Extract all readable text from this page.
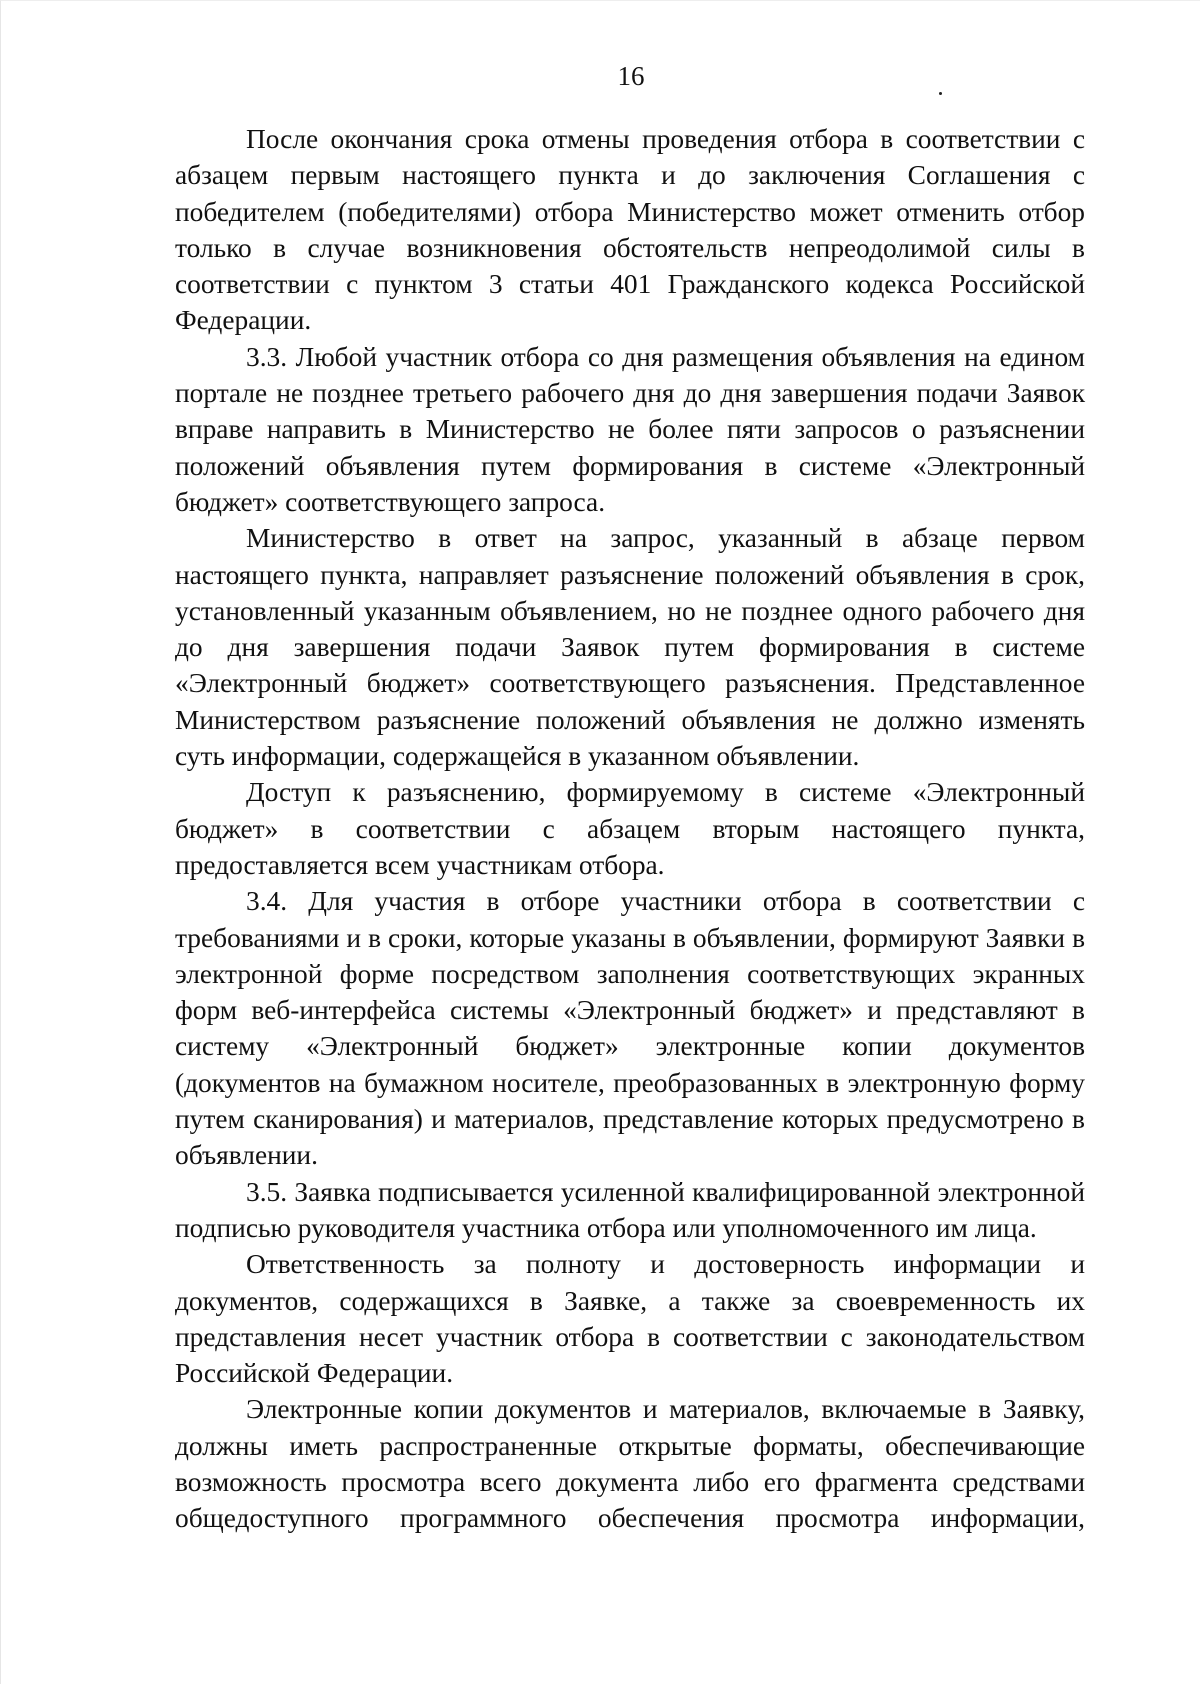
16

После окончания срока отмены проведения отбора в соответствии с абзацем первым настоящего пункта и до заключения Соглашения с победителем (победителями) отбора Министерство может отменить отбор только в случае возникновения обстоятельств непреодолимой силы в соответствии с пунктом 3 статьи 401 Гражданского кодекса Российской Федерации.

3.3. Любой участник отбора со дня размещения объявления на едином портале не позднее третьего рабочего дня до дня завершения подачи Заявок вправе направить в Министерство не более пяти запросов о разъяснении положений объявления путем формирования в системе «Электронный бюджет» соответствующего запроса.

Министерство в ответ на запрос, указанный в абзаце первом настоящего пункта, направляет разъяснение положений объявления в срок, установленный указанным объявлением, но не позднее одного рабочего дня до дня завершения подачи Заявок путем формирования в системе «Электронный бюджет» соответствующего разъяснения. Представленное Министерством разъяснение положений объявления не должно изменять суть информации, содержащейся в указанном объявлении.

Доступ к разъяснению, формируемому в системе «Электронный бюджет» в соответствии с абзацем вторым настоящего пункта, предоставляется всем участникам отбора.

3.4. Для участия в отборе участники отбора в соответствии с требованиями и в сроки, которые указаны в объявлении, формируют Заявки в электронной форме посредством заполнения соответствующих экранных форм веб-интерфейса системы «Электронный бюджет» и представляют в систему «Электронный бюджет» электронные копии документов (документов на бумажном носителе, преобразованных в электронную форму путем сканирования) и материалов, представление которых предусмотрено в объявлении.

3.5. Заявка подписывается усиленной квалифицированной электронной подписью руководителя участника отбора или уполномоченного им лица.

Ответственность за полноту и достоверность информации и документов, содержащихся в Заявке, а также за своевременность их представления несет участник отбора в соответствии с законодательством Российской Федерации.

Электронные копии документов и материалов, включаемые в Заявку, должны иметь распространенные открытые форматы, обеспечивающие возможность просмотра всего документа либо его фрагмента средствами общедоступного программного обеспечения просмотра информации,
